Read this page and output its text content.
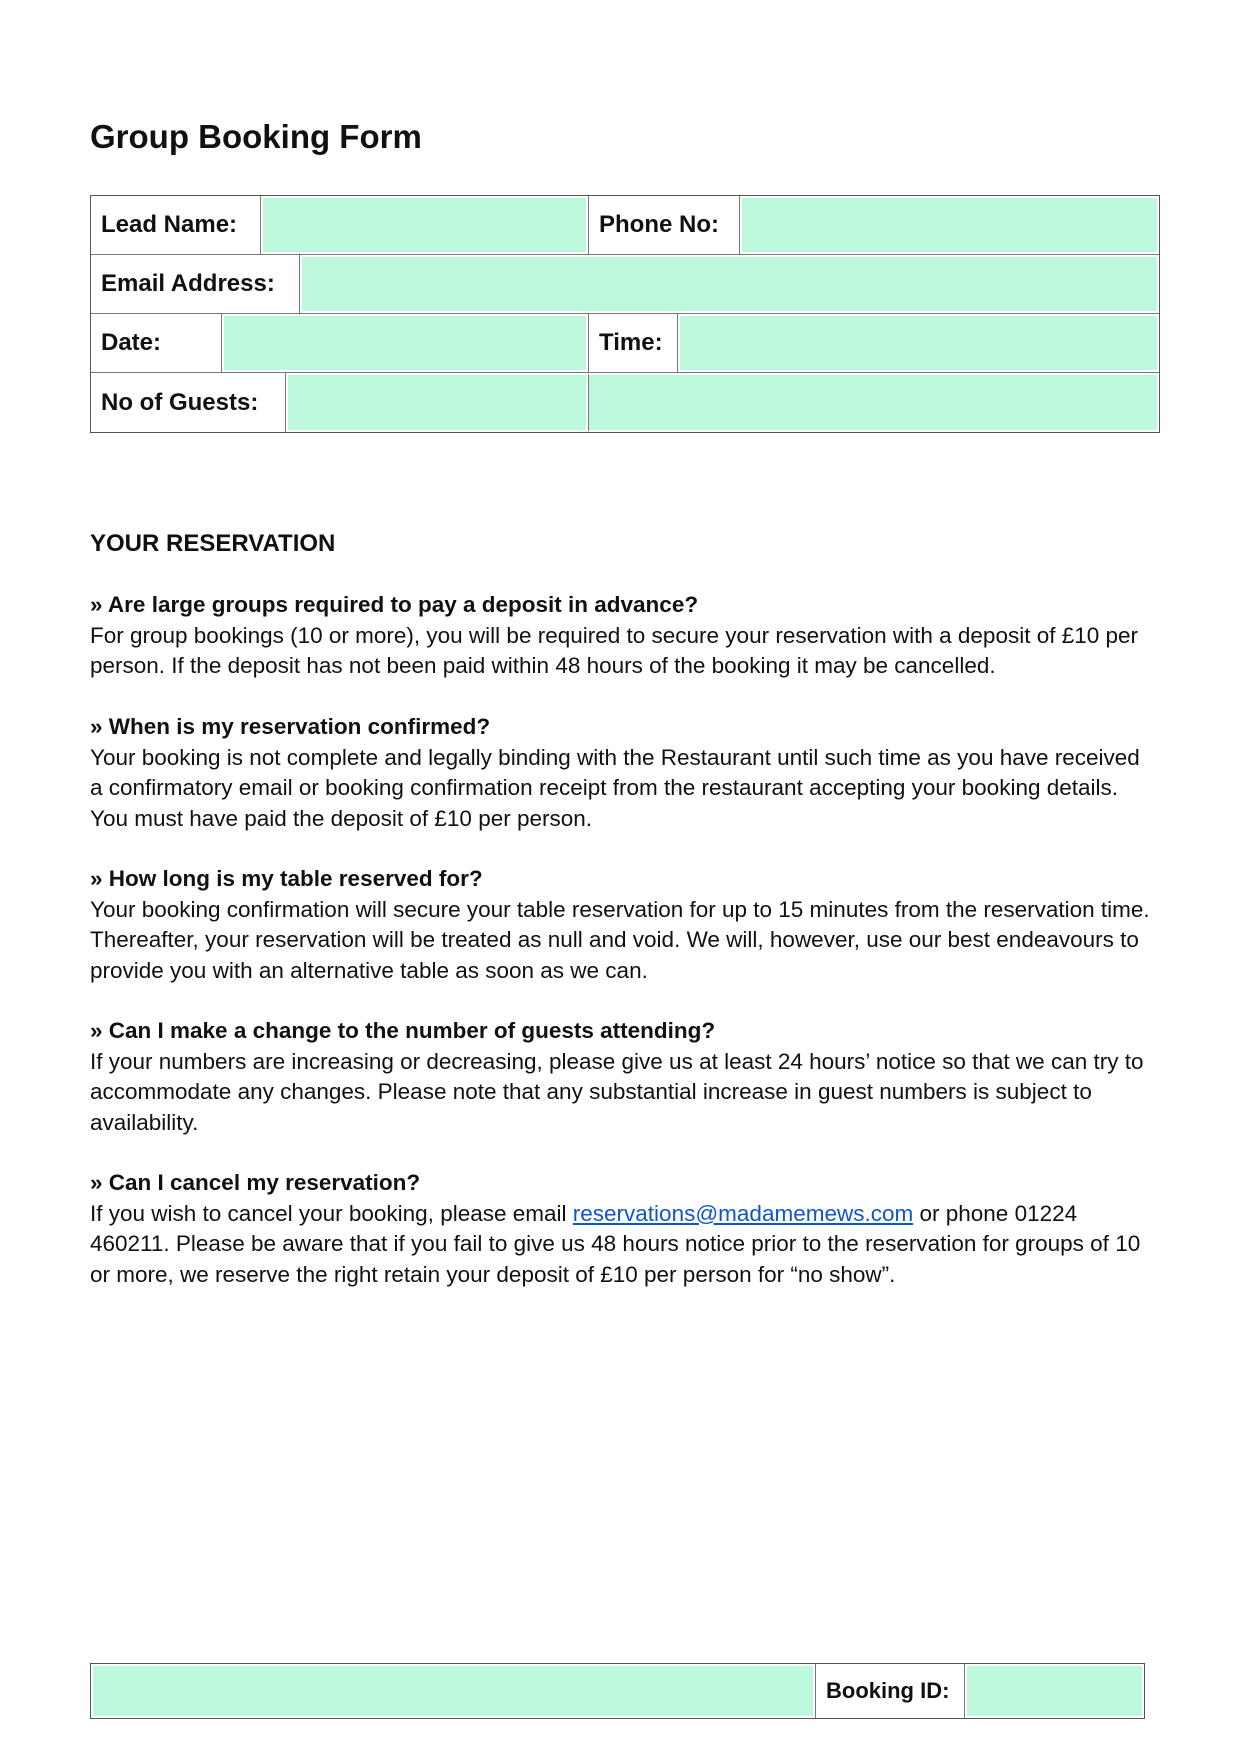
Group Booking Form
Lead Name:	Phone No:
Email Address:
Date:	Time:
No of Guests:
YOUR RESERVATION

» Are large groups required to pay a deposit in advance?

For group bookings (10 or more), you will be required to secure your reservation with a deposit of £10 per person. If the deposit has not been paid within 48 hours of the booking it may be cancelled.

» When is my reservation confirmed?

Your booking is not complete and legally binding with the Restaurant until such time as you have received a confirmatory email or booking confirmation receipt from the restaurant accepting your booking details. You must have paid the deposit of £10 per person.

» How long is my table reserved for?

Your booking confirmation will secure your table reservation for up to 15 minutes from the reservation time. Thereafter, your reservation will be treated as null and void. We will, however, use our best endeavours to provide you with an alternative table as soon as we can.

» Can I make a change to the number of guests attending?

If your numbers are increasing or decreasing, please give us at least 24 hours’ notice so that we can try to accommodate any changes. Please note that any substantial increase in guest numbers is subject to availability.

» Can I cancel my reservation?

If you wish to cancel your booking, please email reservations@madamemews.com or phone 01224 460211. Please be aware that if you fail to give us 48 hours notice prior to the reservation for groups of 10 or more, we reserve the right retain your deposit of £10 per person for “no show”.

Booking ID:
